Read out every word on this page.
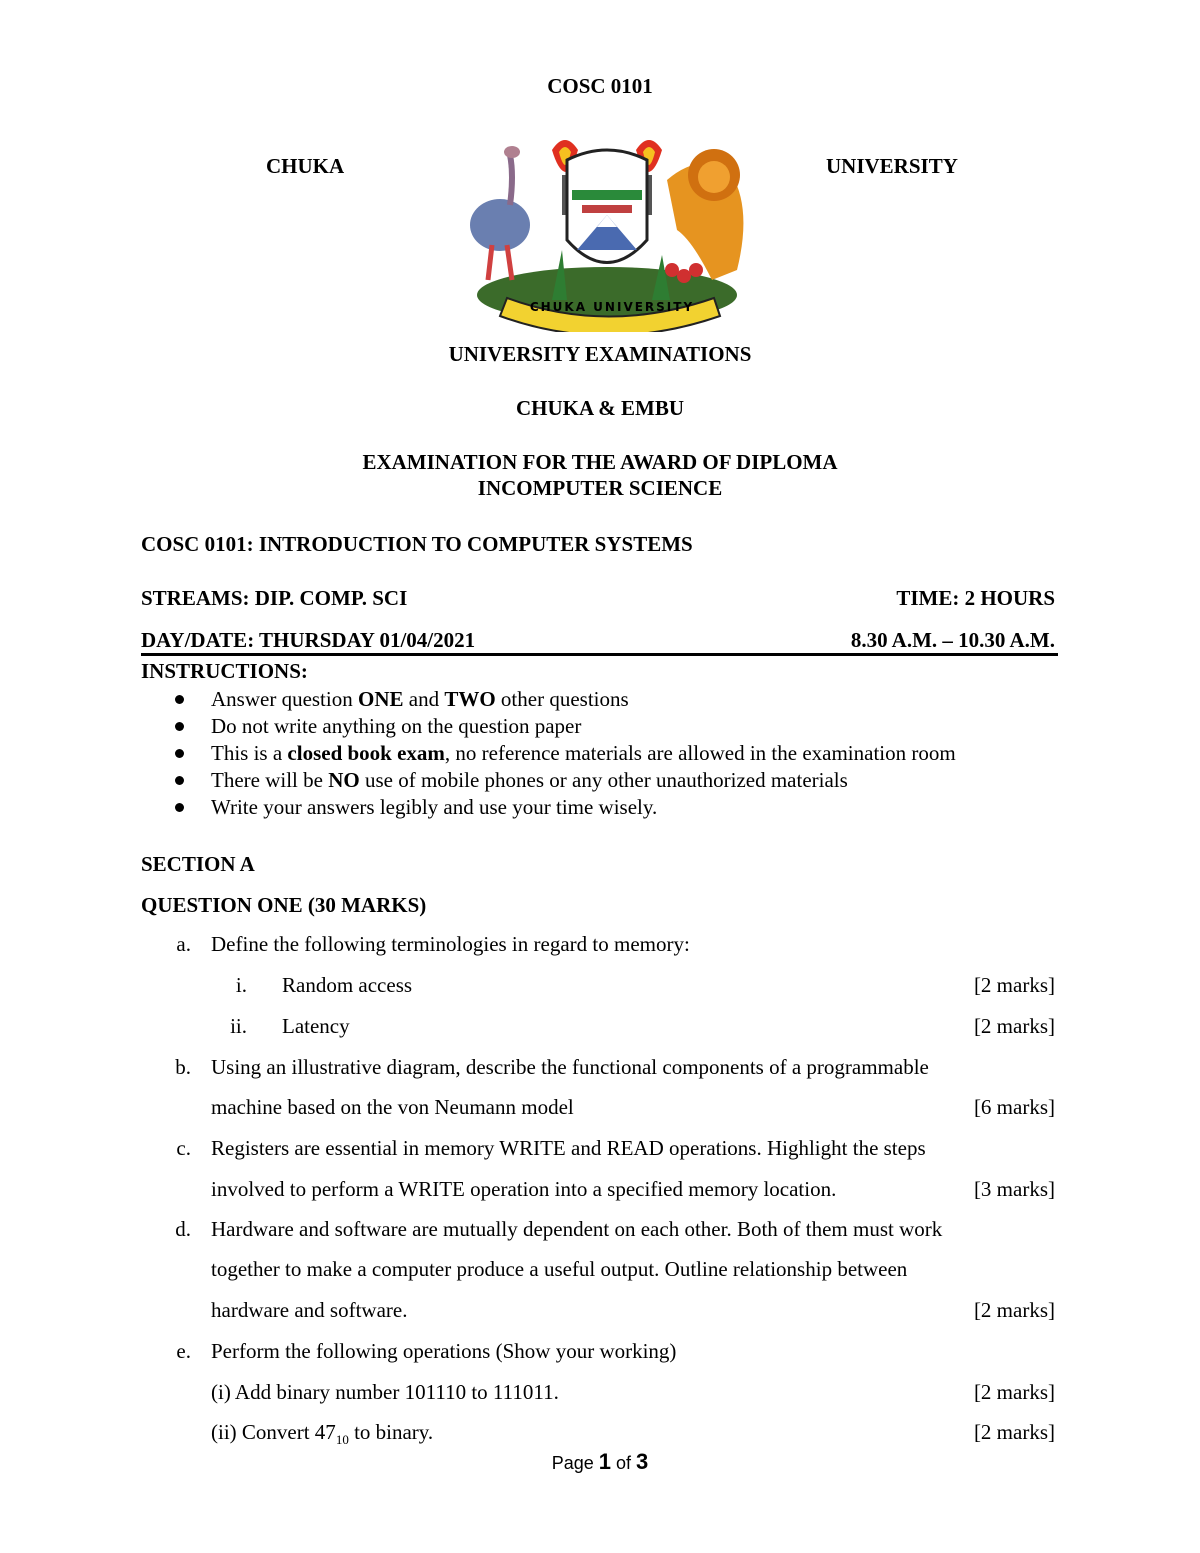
COSC 0101
CHUKA	UNIVERSITY
CHUKA UNIVERSITY
UNIVERSITY EXAMINATIONS
CHUKA & EMBU
EXAMINATION FOR THE AWARD OF DIPLOMA
INCOMPUTER SCIENCE
COSC 0101: INTRODUCTION TO COMPUTER SYSTEMS
STREAMS: DIP. COMP. SCI	TIME: 2 HOURS
DAY/DATE: THURSDAY 01/04/2021	8.30 A.M. – 10.30 A.M.
INSTRUCTIONS:
Answer question ONE and TWO other questions
Do not write anything on the question paper
This is a closed book exam, no reference materials are allowed in the examination room
There will be NO use of mobile phones or any other unauthorized materials
Write your answers legibly and use your time wisely.
SECTION A
QUESTION ONE (30 MARKS)
a. Define the following terminologies in regard to memory:
i. Random access	[2 marks]
ii. Latency	[2 marks]
b. Using an illustrative diagram, describe the functional components of a programmable
machine based on the von Neumann model	[6 marks]
c. Registers are essential in memory WRITE and READ operations. Highlight the steps
involved to perform a WRITE operation into a specified memory location.	[3 marks]
d. Hardware and software are mutually dependent on each other. Both of them must work
together to make a computer produce a useful output. Outline relationship between
hardware and software.	[2 marks]
e. Perform the following operations (Show your working)
(i) Add binary number 101110 to 111011.	[2 marks]
(ii) Convert $47_{10}$ to binary.	[2 marks]
Page 1 of 3
